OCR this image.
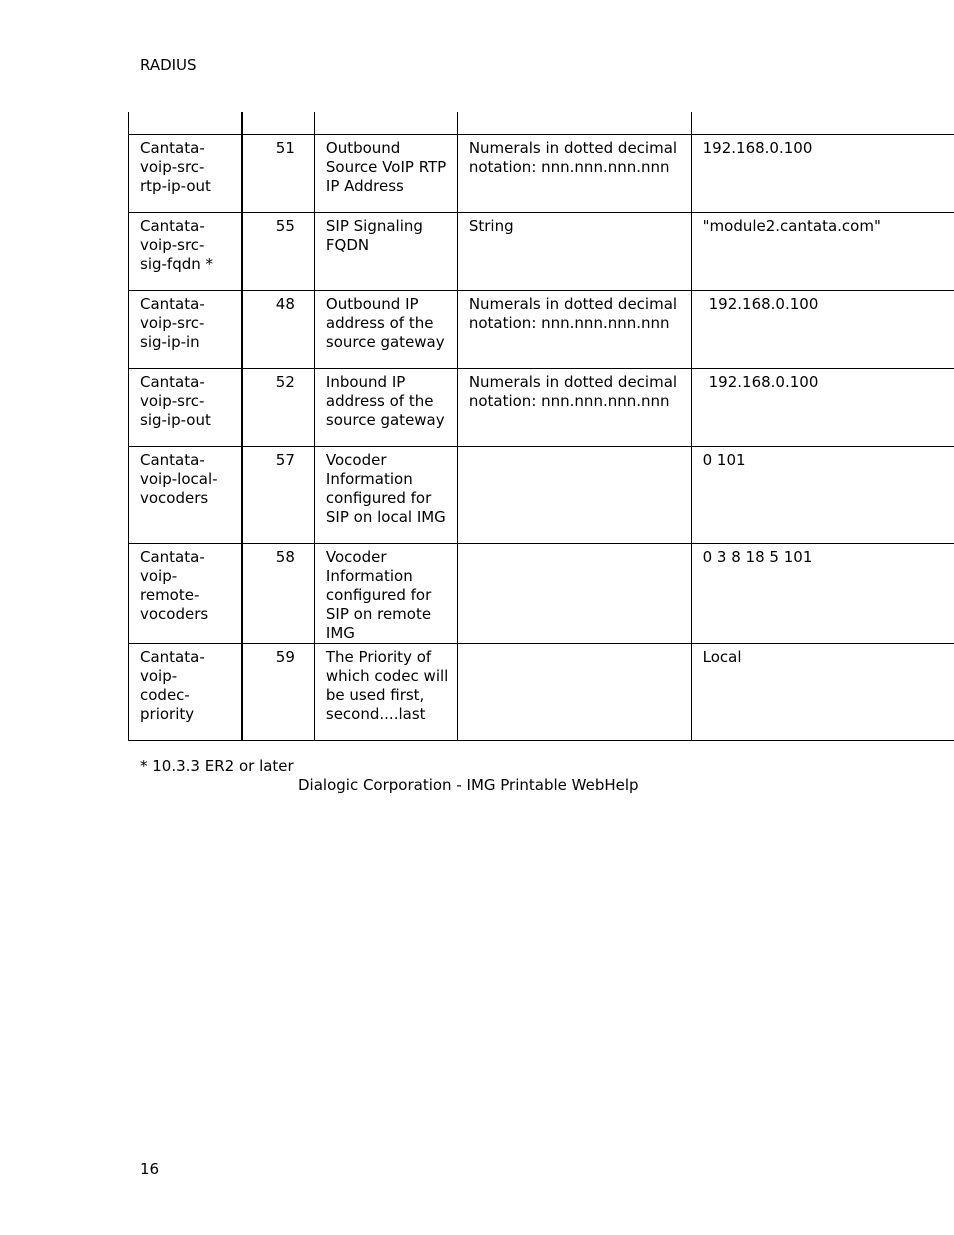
RADIUS

Cantata-
voip-src-
rtp-ip-out	51	Outbound Source VoIP RTP IP Address	Numerals in dotted decimal notation: nnn.nnn.nnn.nnn	192.168.0.100
Cantata-
voip-src-
sig-fqdn *	55	SIP Signaling FQDN	String	"module2.cantata.com"
Cantata-
voip-src-
sig-ip-in	48	Outbound IP address of the source gateway	Numerals in dotted decimal notation: nnn.nnn.nnn.nnn	192.168.0.100
Cantata-
voip-src-
sig-ip-out	52	Inbound IP address of the source gateway	Numerals in dotted decimal notation: nnn.nnn.nnn.nnn	192.168.0.100
Cantata-
voip-local-
vocoders	57	Vocoder Information configured for SIP on local IMG		0 101
Cantata-
voip-
remote-
vocoders	58	Vocoder Information configured for SIP on remote IMG		0 3 8 18 5 101
Cantata-
voip-
codec-
priority	59	The Priority of which codec will be used first, second....last		Local
* 10.3.3 ER2 or later
Dialogic Corporation - IMG Printable WebHelp
16
